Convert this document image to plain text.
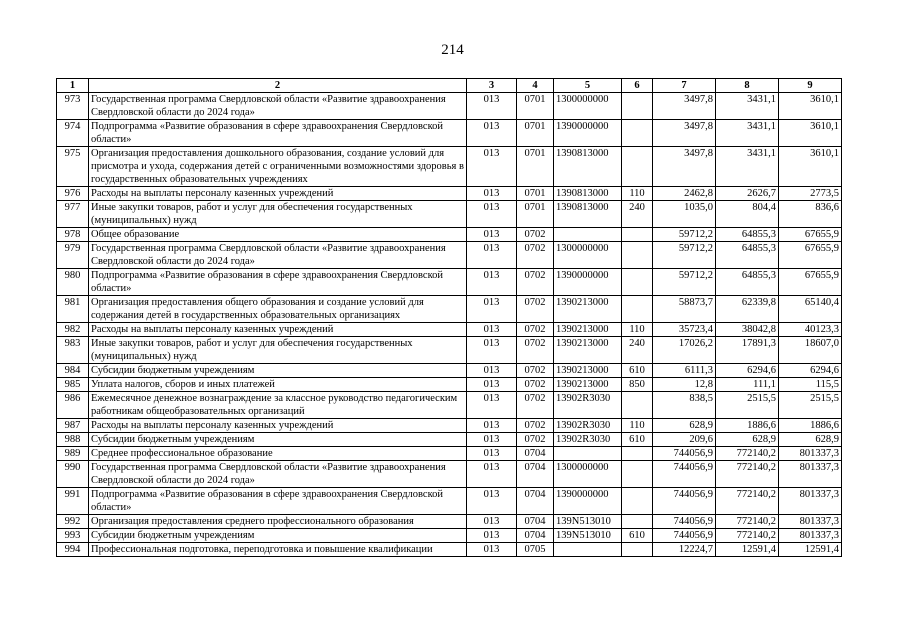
214
1	2	3	4	5	6	7	8	9
973	Государственная программа Свердловской области «Развитие здравоохранения Свердловской области до 2024 года»	013	0701	1300000000		3497,8	3431,1	3610,1
974	Подпрограмма «Развитие образования в сфере здравоохранения Свердловской области»	013	0701	1390000000		3497,8	3431,1	3610,1
975	Организация предоставления дошкольного образования, создание условий для присмотра и ухода, содержания детей с ограниченными возможностями здоровья в государственных образовательных учреждениях	013	0701	1390813000		3497,8	3431,1	3610,1
976	Расходы на выплаты персоналу казенных учреждений	013	0701	1390813000	110	2462,8	2626,7	2773,5
977	Иные закупки товаров, работ и услуг для обеспечения государственных (муниципальных) нужд	013	0701	1390813000	240	1035,0	804,4	836,6
978	Общее образование	013	0702			59712,2	64855,3	67655,9
979	Государственная программа Свердловской области «Развитие здравоохранения Свердловской области до 2024 года»	013	0702	1300000000		59712,2	64855,3	67655,9
980	Подпрограмма «Развитие образования в сфере здравоохранения Свердловской области»	013	0702	1390000000		59712,2	64855,3	67655,9
981	Организация предоставления общего образования и создание условий для содержания детей в государственных образовательных организациях	013	0702	1390213000		58873,7	62339,8	65140,4
982	Расходы на выплаты персоналу казенных учреждений	013	0702	1390213000	110	35723,4	38042,8	40123,3
983	Иные закупки товаров, работ и услуг для обеспечения государственных (муниципальных) нужд	013	0702	1390213000	240	17026,2	17891,3	18607,0
984	Субсидии бюджетным учреждениям	013	0702	1390213000	610	6111,3	6294,6	6294,6
985	Уплата налогов, сборов и иных платежей	013	0702	1390213000	850	12,8	111,1	115,5
986	Ежемесячное денежное вознаграждение за классное руководство педагогическим работникам общеобразовательных организаций	013	0702	13902R3030		838,5	2515,5	2515,5
987	Расходы на выплаты персоналу казенных учреждений	013	0702	13902R3030	110	628,9	1886,6	1886,6
988	Субсидии бюджетным учреждениям	013	0702	13902R3030	610	209,6	628,9	628,9
989	Среднее профессиональное образование	013	0704			744056,9	772140,2	801337,3
990	Государственная программа Свердловской области «Развитие здравоохранения Свердловской области до 2024 года»	013	0704	1300000000		744056,9	772140,2	801337,3
991	Подпрограмма «Развитие образования в сфере здравоохранения Свердловской области»	013	0704	1390000000		744056,9	772140,2	801337,3
992	Организация предоставления среднего профессионального образования	013	0704	139N513010		744056,9	772140,2	801337,3
993	Субсидии бюджетным учреждениям	013	0704	139N513010	610	744056,9	772140,2	801337,3
994	Профессиональная подготовка, переподготовка и повышение квалификации	013	0705			12224,7	12591,4	12591,4
